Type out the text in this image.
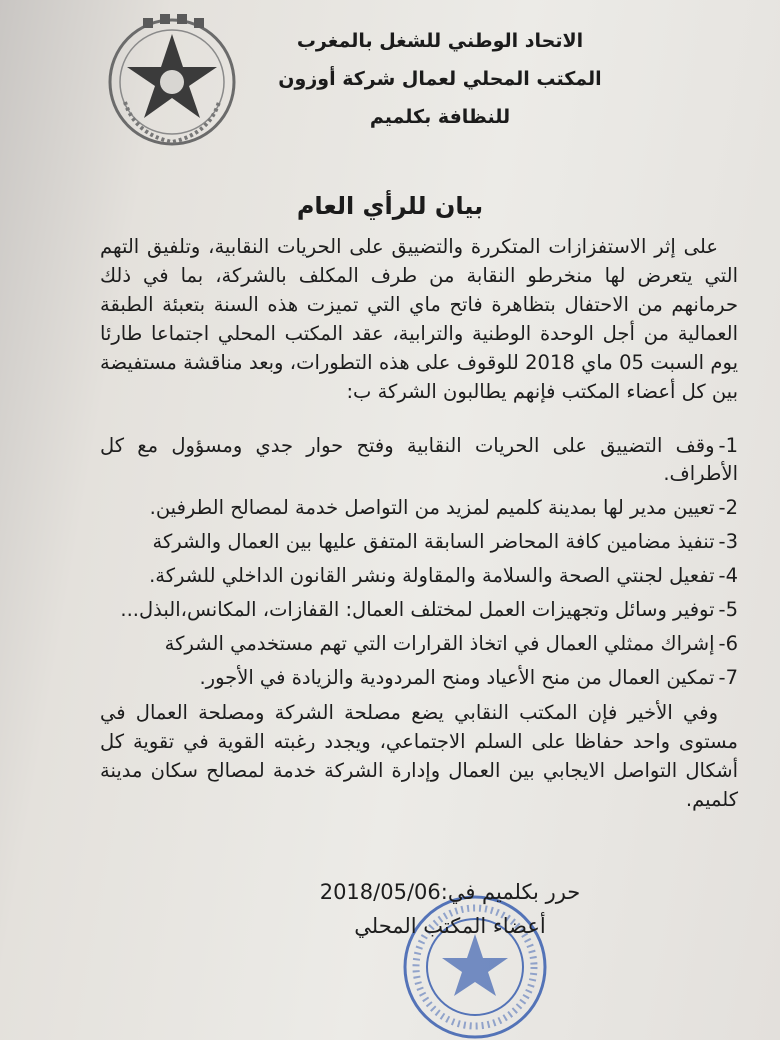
الاتحاد الوطني للشغل بالمغرب
المكتب المحلي لعمال شركة أوزون
للنظافة بكلميم
بيان للرأي العام

على إثر الاستفزازات المتكررة والتضييق على الحريات النقابية، وتلفيق التهم التي يتعرض لها منخرطو النقابة من طرف المكلف بالشركة، بما في ذلك حرمانهم من الاحتفال بتظاهرة فاتح ماي التي تميزت هذه السنة بتعبئة الطبقة العمالية من أجل الوحدة الوطنية والترابية، عقد المكتب المحلي اجتماعا طارئا يوم السبت 05 ماي 2018 للوقوف على هذه التطورات، وبعد مناقشة مستفيضة بين كل أعضاء المكتب فإنهم يطالبون الشركة ب:

1-وقف التضييق على الحريات النقابية وفتح حوار جدي ومسؤول مع كل الأطراف.
2-تعيين مدير لها بمدينة كلميم لمزيد من التواصل خدمة لمصالح الطرفين.
3-تنفيذ مضامين كافة المحاضر السابقة المتفق عليها بين العمال والشركة
4-تفعيل لجنتي الصحة والسلامة والمقاولة ونشر القانون الداخلي للشركة.
5-توفير وسائل وتجهيزات العمل لمختلف العمال: القفازات، المكانس،البذل...
6-إشراك ممثلي العمال في اتخاذ القرارات التي تهم مستخدمي الشركة
7-تمكين العمال من منح الأعياد ومنح المردودية والزيادة في الأجور.

وفي الأخير فإن المكتب النقابي يضع مصلحة الشركة ومصلحة العمال في مستوى واحد حفاظا على السلم الاجتماعي، ويجدد رغبته القوية في تقوية كل أشكال التواصل الايجابي بين العمال وإدارة الشركة خدمة لمصالح سكان مدينة كلميم.

حرر بكلميم في:2018/05/06
أعضاء المكتب المحلي
